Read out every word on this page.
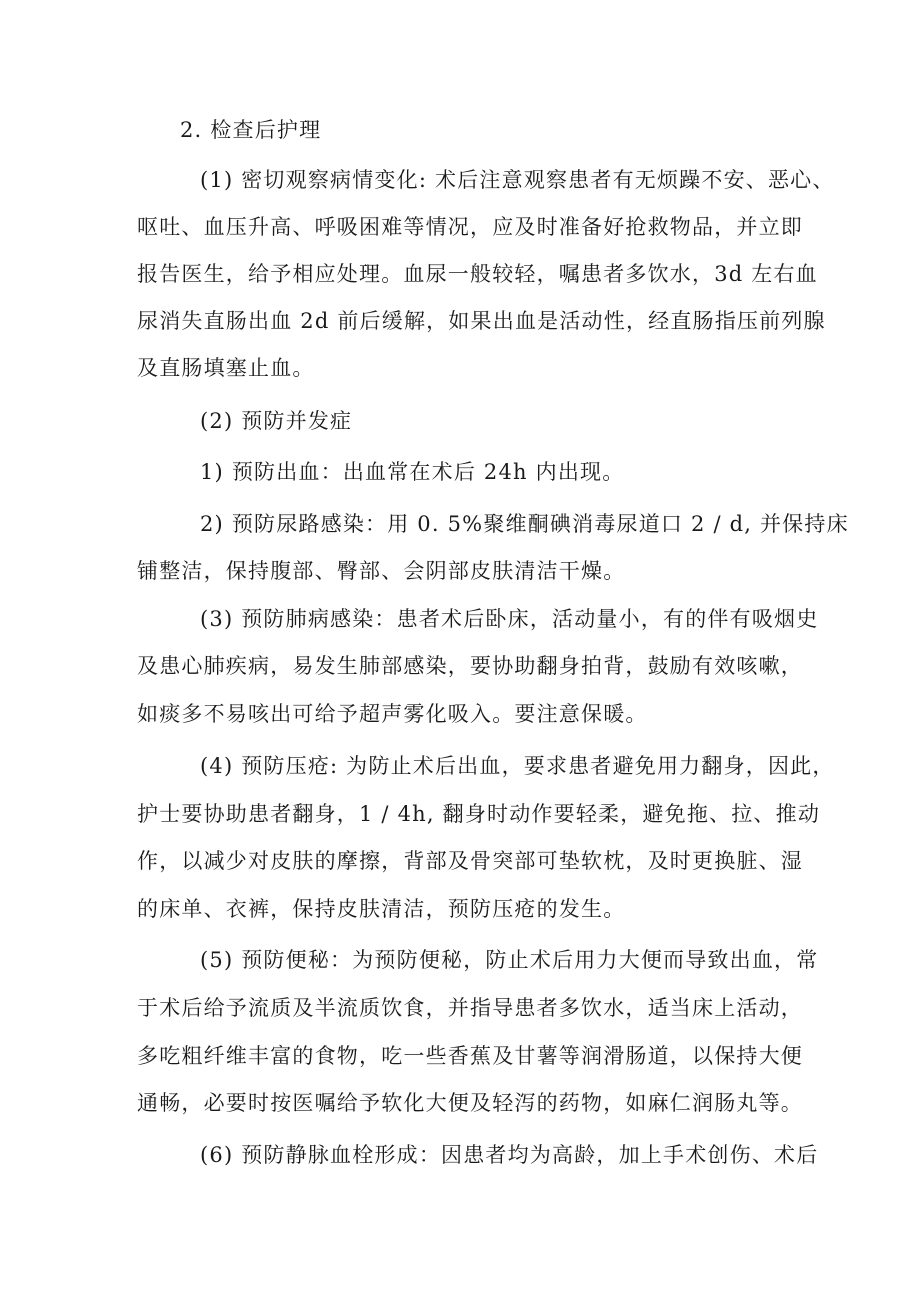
2. 检查后护理
(1) 密切观察病情变化: 术后注意观察患者有无烦躁不安、恶心、
呕吐、血压升高、呼吸困难等情况，应及时准备好抢救物品，并立即
报告医生，给予相应处理。血尿一般较轻，嘱患者多饮水，3d 左右血
尿消失直肠出血 2d 前后缓解，如果出血是活动性，经直肠指压前列腺
及直肠填塞止血。
(2) 预防并发症
1) 预防出血：出血常在术后 24h 内出现。
2) 预防尿路感染：用 0. 5%聚维酮碘消毒尿道口 2 / d, 并保持床
铺整洁，保持腹部、臀部、会阴部皮肤清洁干燥。
(3) 预防肺病感染：患者术后卧床，活动量小，有的伴有吸烟史
及患心肺疾病，易发生肺部感染，要协助翻身拍背，鼓励有效咳嗽，
如痰多不易咳出可给予超声雾化吸入。要注意保暖。
(4) 预防压疮: 为防止术后出血，要求患者避免用力翻身，因此，
护士要协助患者翻身，1 / 4h, 翻身时动作要轻柔，避免拖、拉、推动
作，以减少对皮肤的摩擦，背部及骨突部可垫软枕，及时更换脏、湿
的床单、衣裤，保持皮肤清洁，预防压疮的发生。
(5) 预防便秘：为预防便秘，防止术后用力大便而导致出血，常
于术后给予流质及半流质饮食，并指导患者多饮水，适当床上活动，
多吃粗纤维丰富的食物，吃一些香蕉及甘薯等润滑肠道，以保持大便
通畅，必要时按医嘱给予软化大便及轻泻的药物，如麻仁润肠丸等。
(6) 预防静脉血栓形成：因患者均为高龄，加上手术创伤、术后
